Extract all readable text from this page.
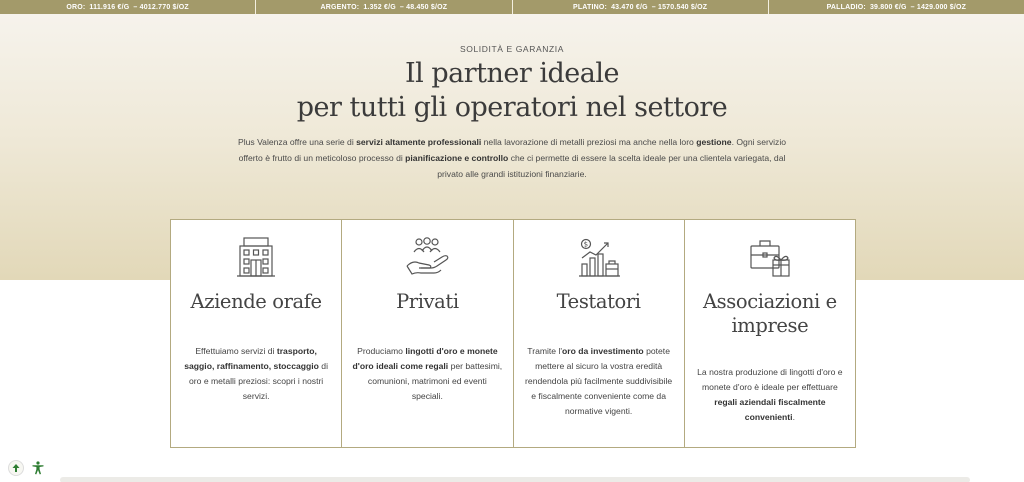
ORO: 111.916 €/G – 4012.770 $/OZ	ARGENTO: 1.352 €/G – 48.450 $/OZ	PLATINO: 43.470 €/G – 1570.540 $/OZ	PALLADIO: 39.800 €/G – 1429.000 $/OZ
SOLIDITÀ E GARANZIA
Il partner ideale
per tutti gli operatori nel settore

Plus Valenza offre una serie di servizi altamente professionali nella lavorazione di metalli preziosi ma anche nella loro gestione. Ogni servizio offerto è frutto di un meticoloso processo di pianificazione e controllo che ci permette di essere la scelta ideale per una clientela variegata, dal privato alle grandi istituzioni finanziarie.

Aziende orafe

Effettuiamo servizi di trasporto, saggio, raffinamento, stoccaggio di oro e metalli preziosi: scopri i nostri servizi.

Privati

Produciamo lingotti d'oro e monete d'oro ideali come regali per battesimi, comunioni, matrimoni ed eventi speciali.

$
Testatori

Tramite l'oro da investimento potete mettere al sicuro la vostra eredità rendendola più facilmente suddivisibile e fiscalmente conveniente come da normative vigenti.

Associazioni e imprese

La nostra produzione di lingotti d'oro e monete d'oro è ideale per effettuare regali aziendali fiscalmente convenienti.
